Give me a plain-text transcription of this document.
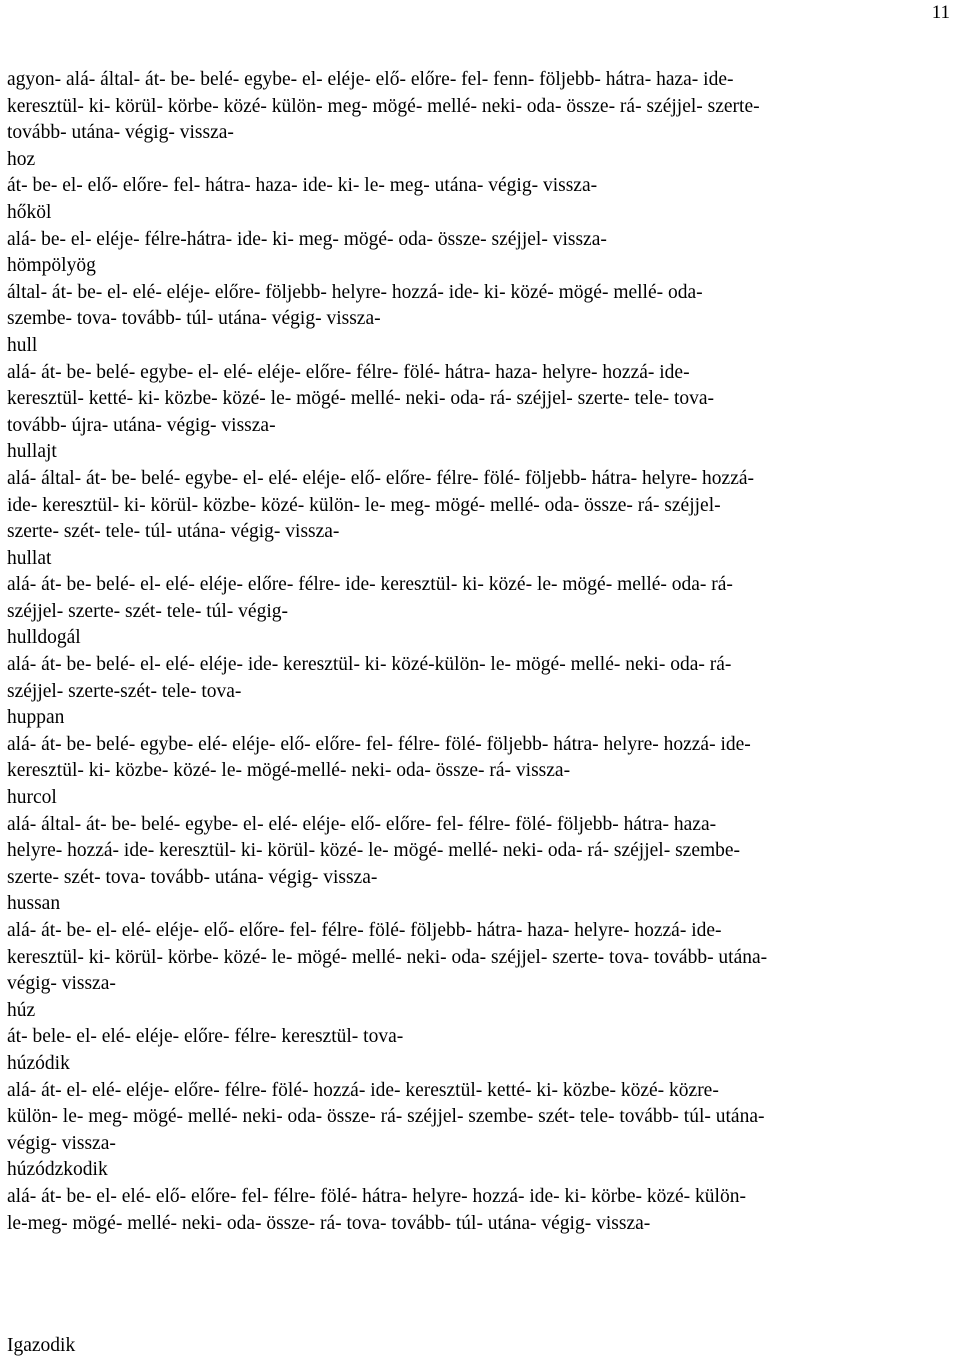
11
agyon- alá- által- át- be- belé- egybe- el- eléje- elő- előre- fel- fenn- följebb- hátra- haza- ide-
keresztül- ki- körül- körbe- közé- külön- meg- mögé- mellé- neki- oda- össze- rá- széjjel- szerte-
tovább- utána- végig- vissza-
hoz
át- be- el- elő- előre- fel- hátra- haza- ide- ki- le- meg- utána- végig- vissza-
hőköl
alá- be- el- eléje- félre-hátra- ide- ki- meg- mögé- oda- össze- széjjel- vissza-
hömpölyög
által- át- be- el- elé- eléje- előre- följebb- helyre- hozzá- ide- ki- közé- mögé- mellé- oda-
szembe- tova- tovább- túl- utána- végig- vissza-
hull
alá- át- be- belé- egybe- el- elé- eléje- előre- félre- fölé- hátra- haza- helyre- hozzá- ide-
keresztül- ketté- ki- közbe- közé- le- mögé- mellé- neki- oda- rá- széjjel- szerte- tele- tova-
tovább- újra- utána- végig- vissza-
hullajt
alá- által- át- be- belé- egybe- el- elé- eléje- elő- előre- félre- fölé- följebb- hátra- helyre- hozzá-
ide- keresztül- ki- körül- közbe- közé- külön- le- meg- mögé- mellé- oda- össze- rá- széjjel-
szerte- szét- tele- túl- utána- végig- vissza-
hullat
alá- át- be- belé- el- elé- eléje- előre- félre- ide- keresztül- ki- közé- le- mögé- mellé- oda- rá-
széjjel- szerte- szét- tele- túl- végig-
hulldogál
alá- át- be- belé- el- elé- eléje- ide- keresztül- ki- közé-külön- le- mögé- mellé- neki- oda- rá-
széjjel- szerte-szét- tele- tova-
huppan
alá- át- be- belé- egybe- elé- eléje- elő- előre- fel- félre- fölé- följebb- hátra- helyre- hozzá- ide-
keresztül- ki- közbe- közé- le- mögé-mellé- neki- oda- össze- rá- vissza-
hurcol
alá- által- át- be- belé- egybe- el- elé- eléje- elő- előre- fel- félre- fölé- följebb- hátra- haza-
helyre- hozzá- ide- keresztül- ki- körül- közé- le- mögé- mellé- neki- oda- rá- széjjel- szembe-
szerte- szét- tova- tovább- utána- végig- vissza-
hussan
alá- át- be- el- elé- eléje- elő- előre- fel- félre- fölé- följebb- hátra- haza- helyre- hozzá- ide-
keresztül- ki- körül- körbe- közé- le- mögé- mellé- neki- oda- széjjel- szerte- tova- tovább- utána-
végig- vissza-
húz
át- bele- el- elé- eléje- előre- félre- keresztül- tova-
húzódik
alá- át- el- elé- eléje- előre- félre- fölé- hozzá- ide- keresztül- ketté- ki- közbe- közé- közre-
külön- le- meg- mögé- mellé- neki- oda- össze- rá- széjjel- szembe- szét- tele- tovább- túl- utána-
végig- vissza-
húzódzkodik
alá- át- be- el- elé- elő- előre- fel- félre- fölé- hátra- helyre- hozzá- ide- ki- körbe- közé- külön-
le-meg- mögé- mellé- neki- oda- össze- rá- tova- tovább- túl- utána- végig- vissza-
Igazodik
